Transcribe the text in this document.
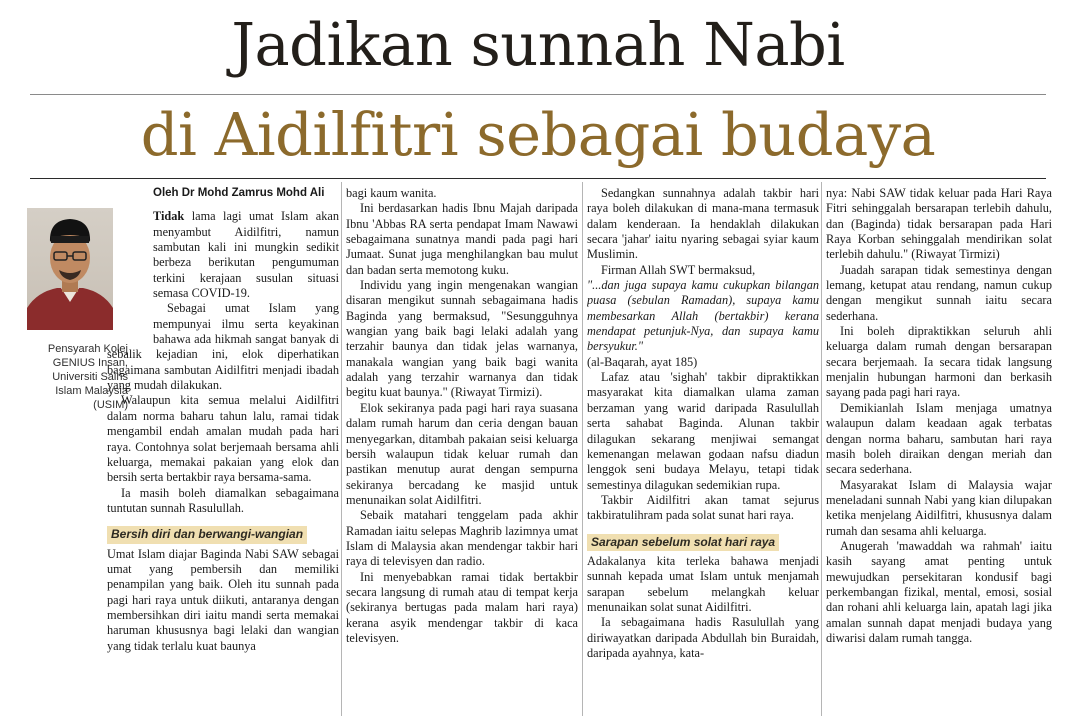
Jadikan sunnah Nabi
di Aidilfitri sebagai budaya
Pensyarah Kolej
GENIUS Insan,
Universiti Sains
Islam Malaysia
(USIM)
Oleh Dr Mohd Zamrus Mohd Ali

Tidak lama lagi umat Islam akan menyambut Aidilfitri, namun sambutan kali ini mungkin sedikit berbeza berikutan pengumuman terkini kerajaan susulan situasi semasa COVID-19.

Sebagai umat Islam yang mempunyai ilmu serta keyakinan bahawa ada hikmah sangat banyak di sebalik kejadian ini, elok diperhatikan bagaimana sambutan Aidilfitri menjadi ibadah yang mudah dilakukan.

Walaupun kita semua melalui Aidilfitri dalam norma baharu tahun lalu, ramai tidak mengambil endah amalan mudah pada hari raya. Contohnya solat berjemaah bersama ahli keluarga, memakai pakaian yang elok dan bersih serta bertakbir raya bersama-sama.

Ia masih boleh diamalkan sebagaimana tuntutan sunnah Rasulullah.

Bersih diri dan berwangi-wangian

Umat Islam diajar Baginda Nabi SAW sebagai umat yang pembersih dan memiliki penampilan yang baik. Oleh itu sunnah pada pagi hari raya untuk diikuti, antaranya dengan membersihkan diri iaitu mandi serta memakai haruman khususnya bagi lelaki dan wangian yang tidak terlalu kuat baunya

bagi kaum wanita.

Ini berdasarkan hadis Ibnu Majah daripada Ibnu 'Abbas RA serta pendapat Imam Nawawi sebagaimana sunatnya mandi pada pagi hari Jumaat. Sunat juga menghilangkan bau mulut dan badan serta memotong kuku.

Individu yang ingin mengenakan wangian disaran mengikut sunnah sebagaimana hadis Baginda yang bermaksud, "Sesungguhnya wangian yang baik bagi lelaki adalah yang terzahir baunya dan tidak jelas warnanya, manakala wangian yang baik bagi wanita adalah yang terzahir warnanya dan tidak begitu kuat baunya." (Riwayat Tirmizi).

Elok sekiranya pada pagi hari raya suasana dalam rumah harum dan ceria dengan bauan menyegarkan, ditambah pakaian seisi keluarga bersih walaupun tidak keluar rumah dan pastikan menutup aurat dengan sempurna sekiranya bercadang ke masjid untuk menunaikan solat Aidilfitri.

Sebaik matahari tenggelam pada akhir Ramadan iaitu selepas Maghrib lazimnya umat Islam di Malaysia akan mendengar takbir hari raya di televisyen dan radio.

Ini menyebabkan ramai tidak bertakbir secara langsung di rumah atau di tempat kerja (sekiranya bertugas pada malam hari raya) kerana asyik mendengar takbir di kaca televisyen.

Sedangkan sunnahnya adalah takbir hari raya boleh dilakukan di mana-mana termasuk dalam kenderaan. Ia hendaklah dilakukan secara 'jahar' iaitu nyaring sebagai syiar kaum Muslimin.

Firman Allah SWT bermaksud,

"...dan juga supaya kamu cukupkan bilangan puasa (sebulan Ramadan), supaya kamu membesarkan Allah (bertakbir) kerana mendapat petunjuk-Nya, dan supaya kamu bersyukur."

(al-Baqarah, ayat 185)

Lafaz atau 'sighah' takbir dipraktikkan masyarakat kita diamalkan ulama zaman berzaman yang warid daripada Rasulullah serta sahabat Baginda. Alunan takbir dilagukan sekarang menjiwai semangat kemenangan melawan godaan nafsu diadun lenggok seni budaya Melayu, tetapi tidak semestinya dilagukan sedemikian rupa.

Takbir Aidilfitri akan tamat sejurus takbiratulihram pada solat sunat hari raya.

Sarapan sebelum solat hari raya

Adakalanya kita terleka bahawa menjadi sunnah kepada umat Islam untuk menjamah sarapan sebelum melangkah keluar menunaikan solat sunat Aidilfitri.

Ia sebagaimana hadis Rasulullah yang diriwayatkan daripada Abdullah bin Buraidah, daripada ayahnya, kata-

nya: Nabi SAW tidak keluar pada Hari Raya Fitri sehinggalah bersarapan terlebih dahulu, dan (Baginda) tidak bersarapan pada Hari Raya Korban sehinggalah mendirikan solat terlebih dahulu." (Riwayat Tirmizi)

Juadah sarapan tidak semestinya dengan lemang, ketupat atau rendang, namun cukup dengan mengikut sunnah iaitu secara sederhana.

Ini boleh dipraktikkan seluruh ahli keluarga dalam rumah dengan bersarapan secara berjemaah. Ia secara tidak langsung menjalin hubungan harmoni dan berkasih sayang pada pagi hari raya.

Demikianlah Islam menjaga umatnya walaupun dalam keadaan agak terbatas dengan norma baharu, sambutan hari raya masih boleh diraikan dengan meriah dan secara sederhana.

Masyarakat Islam di Malaysia wajar meneladani sunnah Nabi yang kian dilupakan ketika menjelang Aidilfitri, khususnya dalam rumah dan sesama ahli keluarga.

Anugerah 'mawaddah wa rahmah' iaitu kasih sayang amat penting untuk mewujudkan persekitaran kondusif bagi perkembangan fizikal, mental, emosi, sosial dan rohani ahli keluarga lain, apatah lagi jika amalan sunnah dapat menjadi budaya yang diwarisi dalam rumah tangga.
